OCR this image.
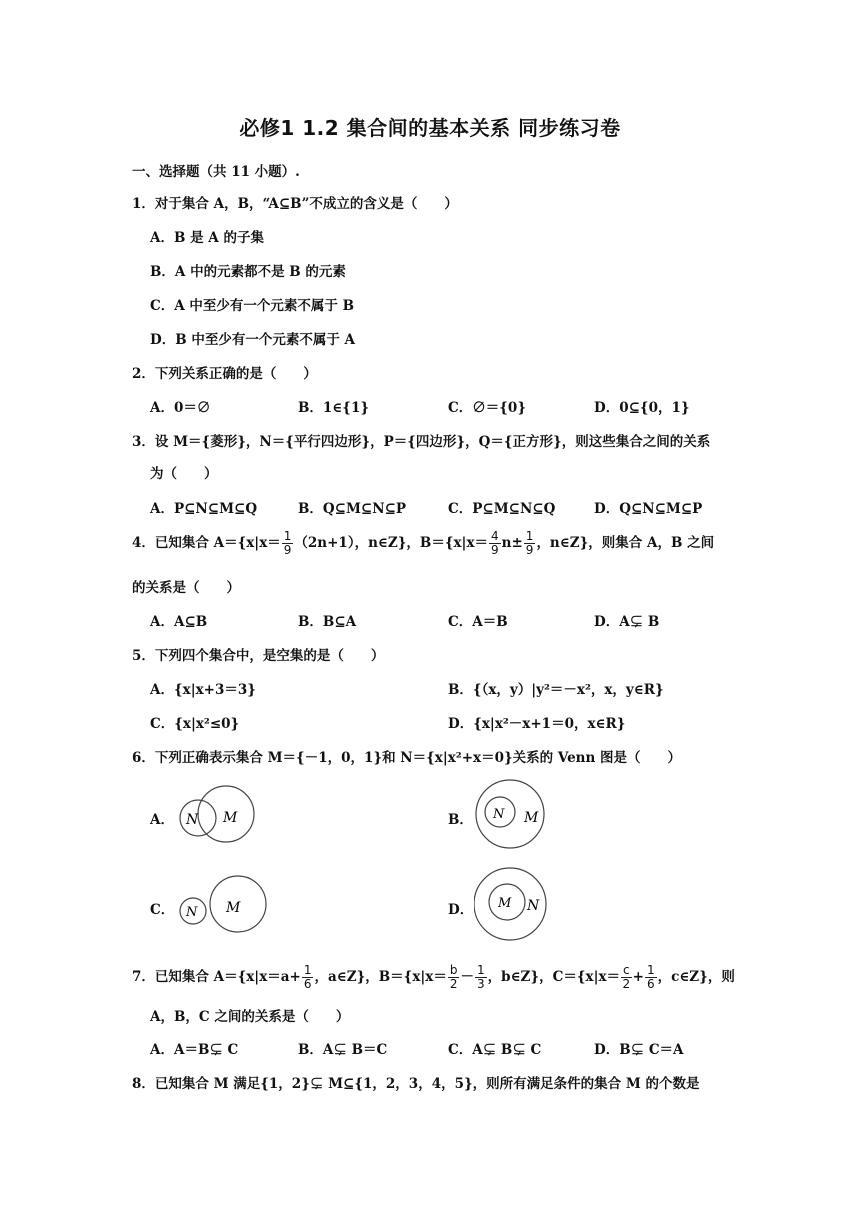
必修1 1.2 集合间的基本关系 同步练习卷
一、选择题（共 11 小题）.
1．对于集合 A，B，“A⊆B”不成立的含义是（　　）
A．B 是 A 的子集
B．A 中的元素都不是 B 的元素
C．A 中至少有一个元素不属于 B
D．B 中至少有一个元素不属于 A
2．下列关系正确的是（　　）
A．0＝∅	B．1∈{1}	C．∅＝{0}	D．0⊆{0，1}
3．设 M＝{菱形}，N＝{平行四边形}，P＝{四边形}，Q＝{正方形}，则这些集合之间的关系
为（　　）
A．P⊆N⊆M⊆Q	B．Q⊆M⊆N⊆P	C．P⊆M⊆N⊆Q	D．Q⊆N⊆M⊆P
4．已知集合 $A=\{x|x= \frac{1}{9} (2n+1)$，n∈Z}，$B=\{x|x= \frac{4}{9} n\pm \frac{1}{9}$ ，n∈Z}，则集合 A，B 之间
的关系是（　　）
A．A⊆B	B．B⊆A	C．A＝B	D．A⊊ B
5．下列四个集合中，是空集的是（　　）
A．{x|x+3＝3}	B．{（x，y）|y²＝－x²，x，y∈R}
C．{x|x²≤0}	D．{x|x²－x+1＝0，x∈R}
6．下列正确表示集合 M＝{－1，0，1}和 N＝{x|x²+x＝0}关系的 Venn 图是（　　）
A． N M	B． N M
C． N M	D． M N
7．已知集合 $A=\{x|x=a+ \frac{1}{6}$ ，a∈Z}，$B=\{x|x= \frac{b}{2} - \frac{1}{3}$ ，b∈Z}，$C=\{x|x= \frac{c}{2} + \frac{1}{6}$ ，c∈Z}，则
A，B，C 之间的关系是（　　）
A．A＝B⊊ C	B．A⊊ B＝C	C．A⊊ B⊊ C	D．B⊊ C＝A
8．已知集合 M 满足{1，2}⊊ M⊆{1，2，3，4，5}，则所有满足条件的集合 M 的个数是
